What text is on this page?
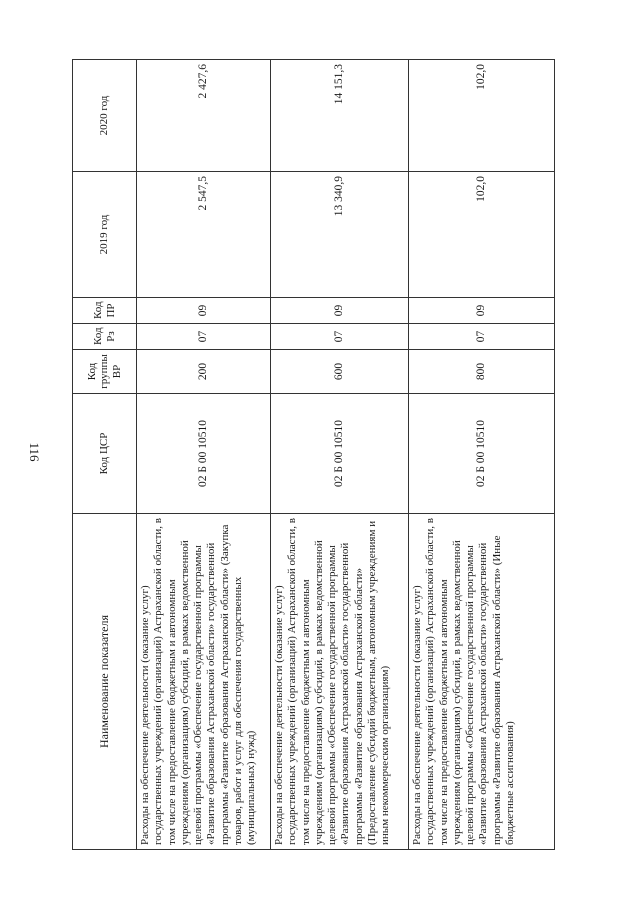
116
Наименование показателя	Код ЦСР	Код группы ВР	Код Рз	Код ПР	2019 год	2020 год
Расходы на обеспечение деятельности (оказание услуг) государственных учреждений (организаций) Астраханской области, в том числе на предоставление бюджетным и автономным учреждениям (организациям) субсидий, в рамках ведомственной целевой программы «Обеспечение государственной программы «Развитие образования Астраханской области» государственной программы «Развитие образования Астраханской области» (Закупка товаров, работ и услуг для обеспечения государственных (муниципальных) нужд)	02 Б 00 10510	200	07	09	2 547,5	2 427,6
Расходы на обеспечение деятельности (оказание услуг) государственных учреждений (организаций) Астраханской области, в том числе на предоставление бюджетным и автономным учреждениям (организациям) субсидий, в рамках ведомственной целевой программы «Обеспечение государственной программы «Развитие образования Астраханской области» государственной программы «Развитие образования Астраханской области» (Предоставление субсидий бюджетным, автономным учреждениям и иным некоммерческим организациям)	02 Б 00 10510	600	07	09	13 340,9	14 151,3
Расходы на обеспечение деятельности (оказание услуг) государственных учреждений (организаций) Астраханской области, в том числе на предоставление бюджетным и автономным учреждениям (организациям) субсидий, в рамках ведомственной целевой программы «Обеспечение государственной программы «Развитие образования Астраханской области» государственной программы «Развитие образования Астраханской области» (Иные бюджетные ассигнования)	02 Б 00 10510	800	07	09	102,0	102,0
